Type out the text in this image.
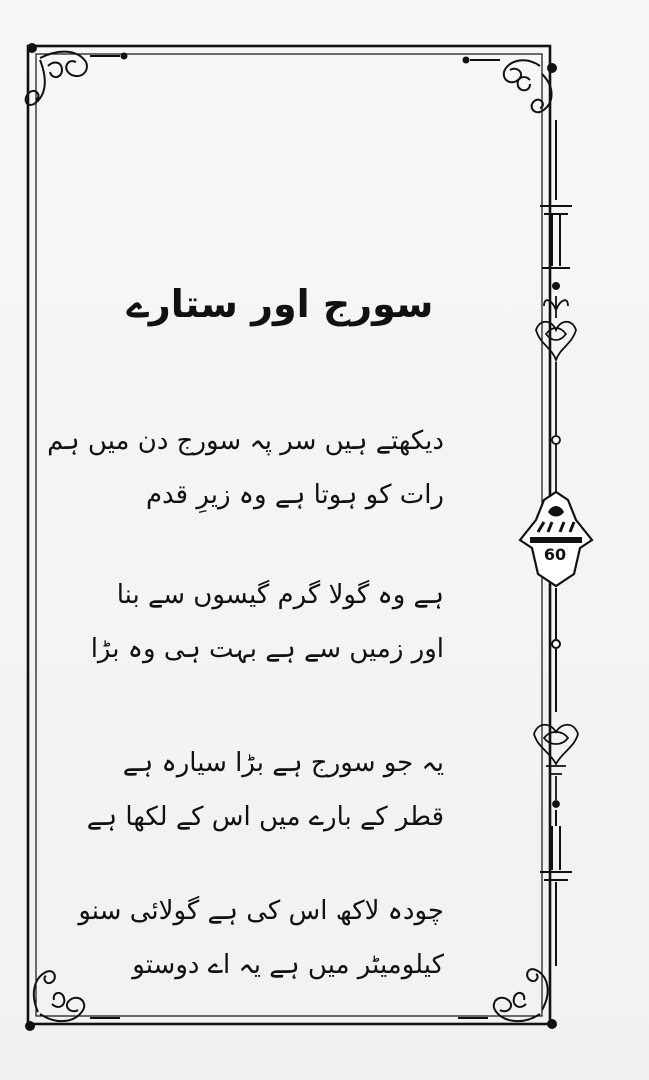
60
سورج اور ستارے
دیکھتے ہیں سر پہ سورج دن میں ہم
رات کو ہوتا ہے وہ زیرِ قدم
ہے وہ گولا گرم گیسوں سے بنا
اور زمیں سے ہے بہت ہی وہ بڑا
یہ جو سورج ہے بڑا سیارہ ہے
قطر کے بارے میں اس کے لکھا ہے
چودہ لاکھ اس کی ہے گولائی سنو
کیلومیٹر میں ہے یہ اے دوستو
